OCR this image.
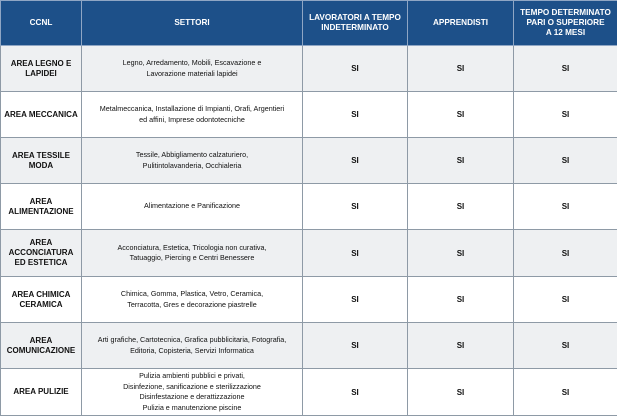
CCNL	SETTORI	LAVORATORI A TEMPO
INDETERMINATO	APPRENDISTI	TEMPO DETERMINATO
PARI O SUPERIORE
A 12 MESI

AREA LEGNO E
LAPIDEI	Legno, Arredamento, Mobili, Escavazione e
Lavorazione materiali lapidei	SI	SI	SI

AREA MECCANICA	Metalmeccanica, Installazione di Impianti, Orafi, Argentieri
ed affini, Imprese odontotecniche	SI	SI	SI

AREA TESSILE
MODA	Tessile, Abbigliamento calzaturiero,
Pulitintolavanderia, Occhialeria	SI	SI	SI

AREA
ALIMENTAZIONE	Alimentazione e Panificazione	SI	SI	SI

AREA
ACCONCIATURA
ED ESTETICA	Acconciatura, Estetica, Tricologia non curativa,
Tatuaggio, Piercing e Centri Benessere	SI	SI	SI

AREA CHIMICA
CERAMICA	Chimica, Gomma, Plastica, Vetro, Ceramica,
Terracotta, Gres e decorazione piastrelle	SI	SI	SI

AREA
COMUNICAZIONE	Arti grafiche, Cartotecnica, Grafica pubblicitaria, Fotografia,
Editoria, Copisteria, Servizi Informatica	SI	SI	SI

AREA PULIZIE	Pulizia ambienti pubblici e privati,
Disinfezione, sanificazione e sterilizzazione
Disinfestazione e derattizzazione
Pulizia e manutenzione piscine	SI	SI	SI
